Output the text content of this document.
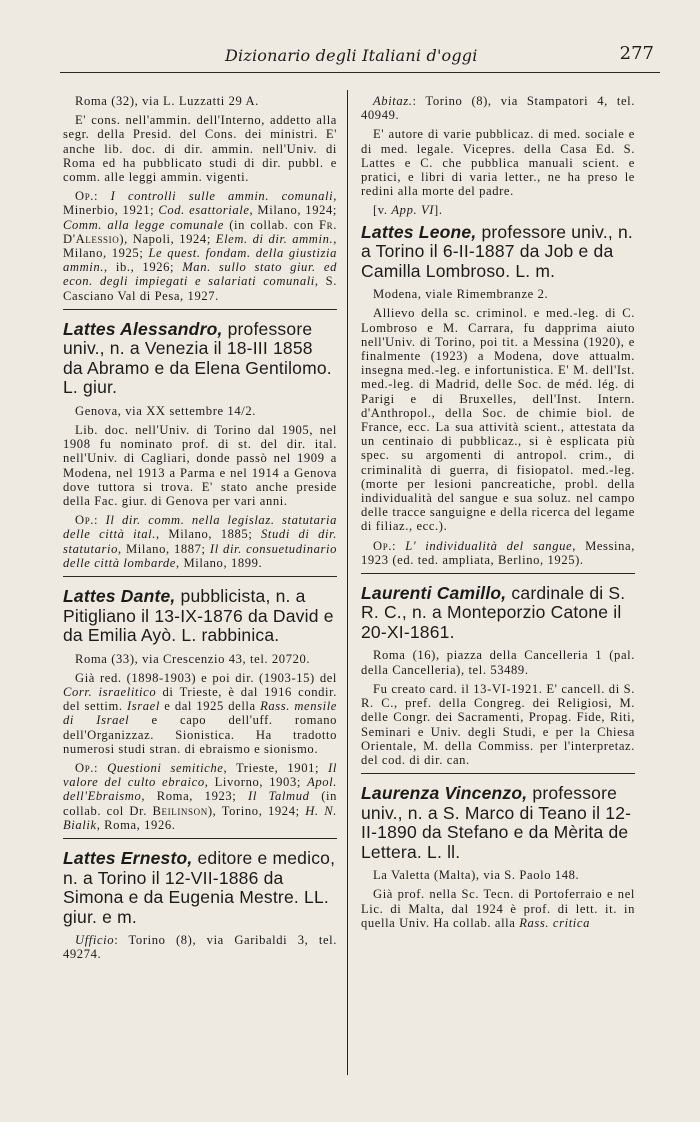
Dizionario degli Italiani d'oggi	277
Roma (32), via L. Luzzatti 29 A.
E' cons. nell'ammin. dell'Interno, addetto alla segr. della Presid. del Cons. dei ministri. E' anche lib. doc. di dir. ammin. nell'Univ. di Roma ed ha pubblicato studi di dir. pubbl. e comm. alle leggi ammin. vigenti.
Op.: I controlli sulle ammin. comunali, Minerbio, 1921; Cod. esattoriale, Milano, 1924; Comm. alla legge comunale (in collab. con Fr. D'Alessio), Napoli, 1924; Elem. di dir. ammin., Milano, 1925; Le quest. fondam. della giustizia ammin., ib., 1926; Man. sullo stato giur. ed econ. degli impiegati e salariati comunali, S. Casciano Val di Pesa, 1927.
Lattes Alessandro, professore univ., n. a Venezia il 18-III 1858 da Abramo e da Elena Gentilomo. L. giur.
Genova, via XX settembre 14/2.
Lib. doc. nell'Univ. di Torino dal 1905, nel 1908 fu nominato prof. di st. del dir. ital. nell'Univ. di Cagliari, donde passò nel 1909 a Modena, nel 1913 a Parma e nel 1914 a Genova dove tuttora si trova. E' stato anche preside della Fac. giur. di Genova per vari anni.
Op.: Il dir. comm. nella legislaz. statutaria delle città ital., Milano, 1885; Studi di dir. statutario, Milano, 1887; Il dir. consuetudinario delle città lombarde, Milano, 1899.
Lattes Dante, pubblicista, n. a Pitigliano il 13-IX-1876 da David e da Emilia Ayò. L. rabbinica.
Roma (33), via Crescenzio 43, tel. 20720.
Già red. (1898-1903) e poi dir. (1903-15) del Corr. israelitico di Trieste, è dal 1916 condir. del settim. Israel e dal 1925 della Rass. mensile di Israel e capo dell'uff. romano dell'Organizzaz. Sionistica. Ha tradotto numerosi studi stran. di ebraismo e sionismo.
Op.: Questioni semitiche, Trieste, 1901; Il valore del culto ebraico, Livorno, 1903; Apol. dell'Ebraismo, Roma, 1923; Il Talmud (in collab. col Dr. Beilinson), Torino, 1924; H. N. Bialik, Roma, 1926.
Lattes Ernesto, editore e medico, n. a Torino il 12-VII-1886 da Simona e da Eugenia Mestre. LL. giur. e m.
Ufficio: Torino (8), via Garibaldi 3, tel. 49274.
Abitaz.: Torino (8), via Stampatori 4, tel. 40949.
E' autore di varie pubblicaz. di med. sociale e di med. legale. Vicepres. della Casa Ed. S. Lattes e C. che pubblica manuali scient. e pratici, e libri di varia letter., ne ha preso le redini alla morte del padre.
[v. App. VI].
Lattes Leone, professore univ., n. a Torino il 6-II-1887 da Job e da Camilla Lombroso. L. m.
Modena, viale Rimembranze 2.
Allievo della sc. criminol. e med.-leg. di C. Lombroso e M. Carrara, fu dapprima aiuto nell'Univ. di Torino, poi tit. a Messina (1920), e finalmente (1923) a Modena, dove attualm. insegna med.-leg. e infortunistica. E' M. dell'Ist. med.-leg. di Madrid, delle Soc. de méd. lég. di Parigi e di Bruxelles, dell'Inst. Intern. d'Anthropol., della Soc. de chimie biol. de France, ecc. La sua attività scient., attestata da un centinaio di pubblicaz., si è esplicata più spec. su argomenti di antropol. crim., di criminalità di guerra, di fisiopatol. med.-leg. (morte per lesioni pancreatiche, probl. della individualità del sangue e sua soluz. nel campo delle tracce sanguigne e della ricerca del legame di filiaz., ecc.).
Op.: L' individualità del sangue, Messina, 1923 (ed. ted. ampliata, Berlino, 1925).
Laurenti Camillo, cardinale di S. R. C., n. a Monteporzio Catone il 20-XI-1861.
Roma (16), piazza della Cancelleria 1 (pal. della Cancelleria), tel. 53489.
Fu creato card. il 13-VI-1921. E' cancell. di S. R. C., pref. della Congreg. dei Religiosi, M. delle Congr. dei Sacramenti, Propag. Fide, Riti, Seminari e Univ. degli Studi, e per la Chiesa Orientale, M. della Commiss. per l'interpretaz. del cod. di dir. can.
Laurenza Vincenzo, professore univ., n. a S. Marco di Teano il 12-II-1890 da Stefano e da Mèrita de Lettera. L. ll.
La Valetta (Malta), via S. Paolo 148.
Già prof. nella Sc. Tecn. di Portoferraio e nel Lic. di Malta, dal 1924 è prof. di lett. it. in quella Univ. Ha collab. alla Rass. critica
